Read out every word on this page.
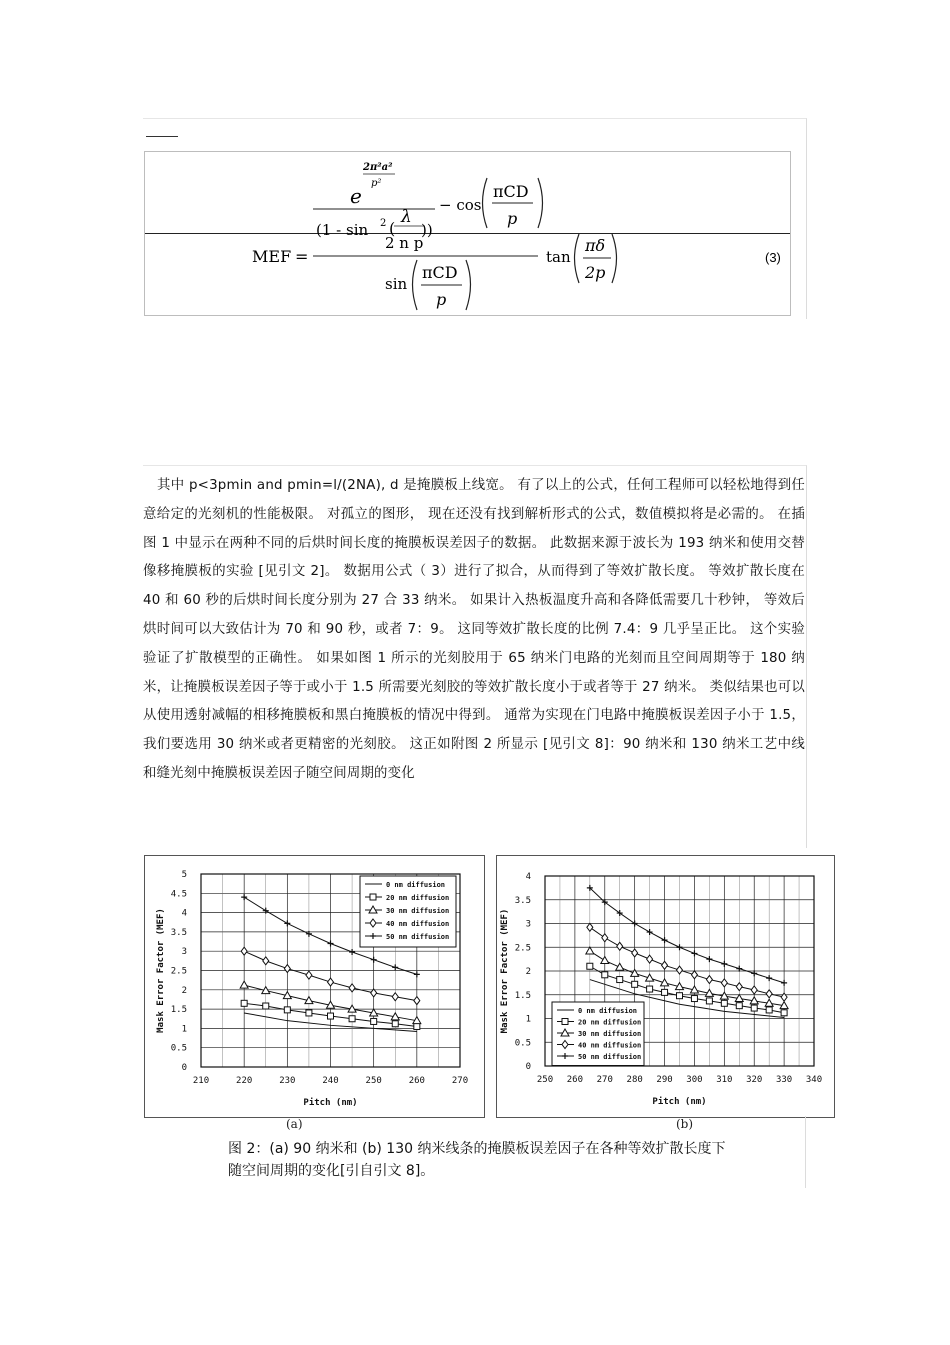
e
2π²a²
p²
(1 - sin 2 (
λ
2 n p
))
− cos
πCD
p
MEF =
sin
πCD
p
tan
πδ
2p
(3)

其中 p<3pmin and pmin=l/(2NA), d 是掩膜板上线宽。 有了以上的公式，任何工程师可以轻松地得到任意给定的光刻机的性能极限。 对孤立的图形， 现在还没有找到解析形式的公式，数值模拟将是必需的。 在插图 1 中显示在两种不同的后烘时间长度的掩膜板误差因子的数据。 此数据来源于波长为 193 纳米和使用交替像移掩膜板的实验 [见引文 2]。 数据用公式（ 3）进行了拟合，从而得到了等效扩散长度。 等效扩散长度在 40 和 60 秒的后烘时间长度分别为 27 合 33 纳米。 如果计入热板温度升高和各降低需要几十秒钟， 等效后烘时间可以大致估计为 70 和 90 秒，或者 7：9。 这同等效扩散长度的比例 7.4：9 几乎呈正比。 这个实验验证了扩散模型的正确性。 如果如图 1 所示的光刻胶用于 65 纳米门电路的光刻而且空间周期等于 180 纳米，让掩膜板误差因子等于或小于 1.5 所需要光刻胶的等效扩散长度小于或者等于 27 纳米。 类似结果也可以从使用透射减幅的相移掩膜板和黑白掩膜板的情况中得到。 通常为实现在门电路中掩膜板误差因子小于 1.5， 我们要选用 30 纳米或者更精密的光刻胶。 这正如附图 2 所显示 [见引文 8]：90 纳米和 130 纳米工艺中线和缝光刻中掩膜板误差因子随空间周期的变化

210	220	230	240	250	260	270
0
0.5
1
1.5
2
2.5
3
3.5
4
4.5
5
Pitch (nm)
Mask Error Factor (MEF)
0 nm diffusion
20 nm diffusion
30 nm diffusion
40 nm diffusion
50 nm diffusion
250 260 270 280 290 300 310 320 330 340
0
0.5
1
1.5
2
2.5
3
3.5
4
Pitch (nm)
Mask Error Factor (MEF)	0 nm diffusion
20 nm diffusion
30 nm diffusion
40 nm diffusion
50 nm diffusion
(a)	(b)
图 2：(a) 90 纳米和 (b) 130 纳米线条的掩膜板误差因子在各种等效扩散长度下
随空间周期的变化[引自引文 8]。
